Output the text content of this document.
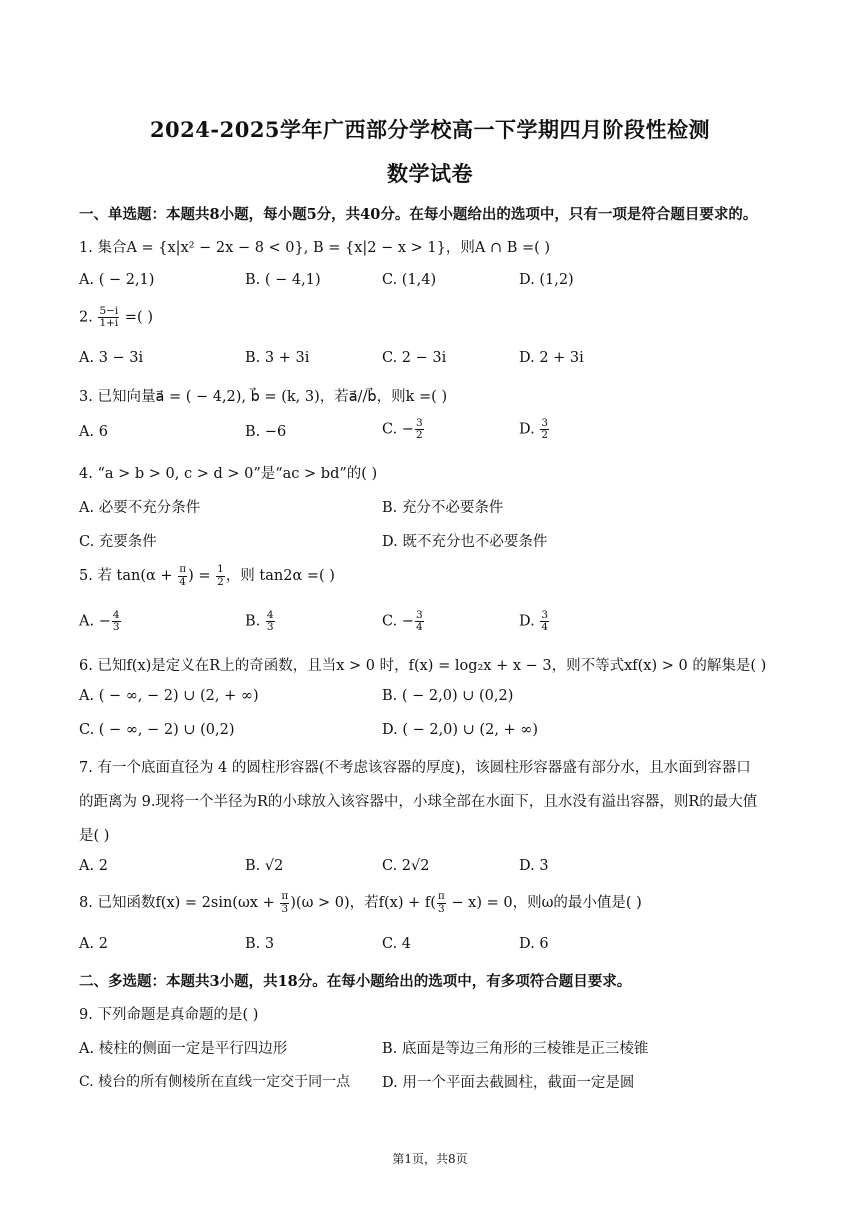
2024-2025学年广西部分学校高一下学期四月阶段性检测
数学试卷
一、单选题：本题共8小题，每小题5分，共40分。在每小题给出的选项中，只有一项是符合题目要求的。
1. 集合A = {x|x² − 2x − 8 < 0}, B = {x|2 − x > 1}，则A ∩ B =( )
A. ( − 2,1)	B. ( − 4,1)	C. (1,4)	D. (1,2)
2. $\frac{5-i}{1+i}$ =( )
A. 3 − 3i	B. 3 + 3i	C. 2 − 3i	D. 2 + 3i
3. 已知向量a⃗ = ( − 4,2), b⃗ = (k, 3)，若a⃗//b⃗，则k =( )
A. 6	B. −6	C. − $\frac{3}{2}$	D. $\frac{3}{2}$
4. “a > b > 0, c > d > 0”是“ac > bd”的( )
A. 必要不充分条件	B. 充分不必要条件
C. 充要条件	D. 既不充分也不必要条件
5. 若 $\tan(\alpha + \frac{\pi}{4}$ ) = $\frac{1}{2}$ ，则 tan2α =( )
A. − $\frac{4}{3}$	B. $\frac{4}{3}$	C. − $\frac{3}{4}$	D. $\frac{3}{4}$
6. 已知f(x)是定义在R上的奇函数，且当x > 0 时，f(x) = log₂x + x − 3，则不等式xf(x) > 0 的解集是( )
A. ( − ∞, − 2) ∪ (2, + ∞)	B. ( − 2,0) ∪ (0,2)
C. ( − ∞, − 2) ∪ (0,2)	D. ( − 2,0) ∪ (2, + ∞)
7. 有一个底面直径为 4 的圆柱形容器(不考虑该容器的厚度)，该圆柱形容器盛有部分水，且水面到容器口
的距离为 9.现将一个半径为R的小球放入该容器中，小球全部在水面下，且水没有溢出容器，则R的最大值
是( )
A. 2	B. √2	C. 2√2	D. 3
8. 已知函数$f(x) = 2\sin(\omega x + \frac{\pi}{3} )(\omega > 0)$，若$f(x) + f( \frac{\pi}{3} - x) = 0$，则ω的最小值是( )
A. 2	B. 3	C. 4	D. 6
二、多选题：本题共3小题，共18分。在每小题给出的选项中，有多项符合题目要求。
9. 下列命题是真命题的是( )
A. 棱柱的侧面一定是平行四边形	B. 底面是等边三角形的三棱锥是正三棱锥
C. 棱台的所有侧棱所在直线一定交于同一点 D. 用一个平面去截圆柱，截面一定是圆
第1页，共8页
